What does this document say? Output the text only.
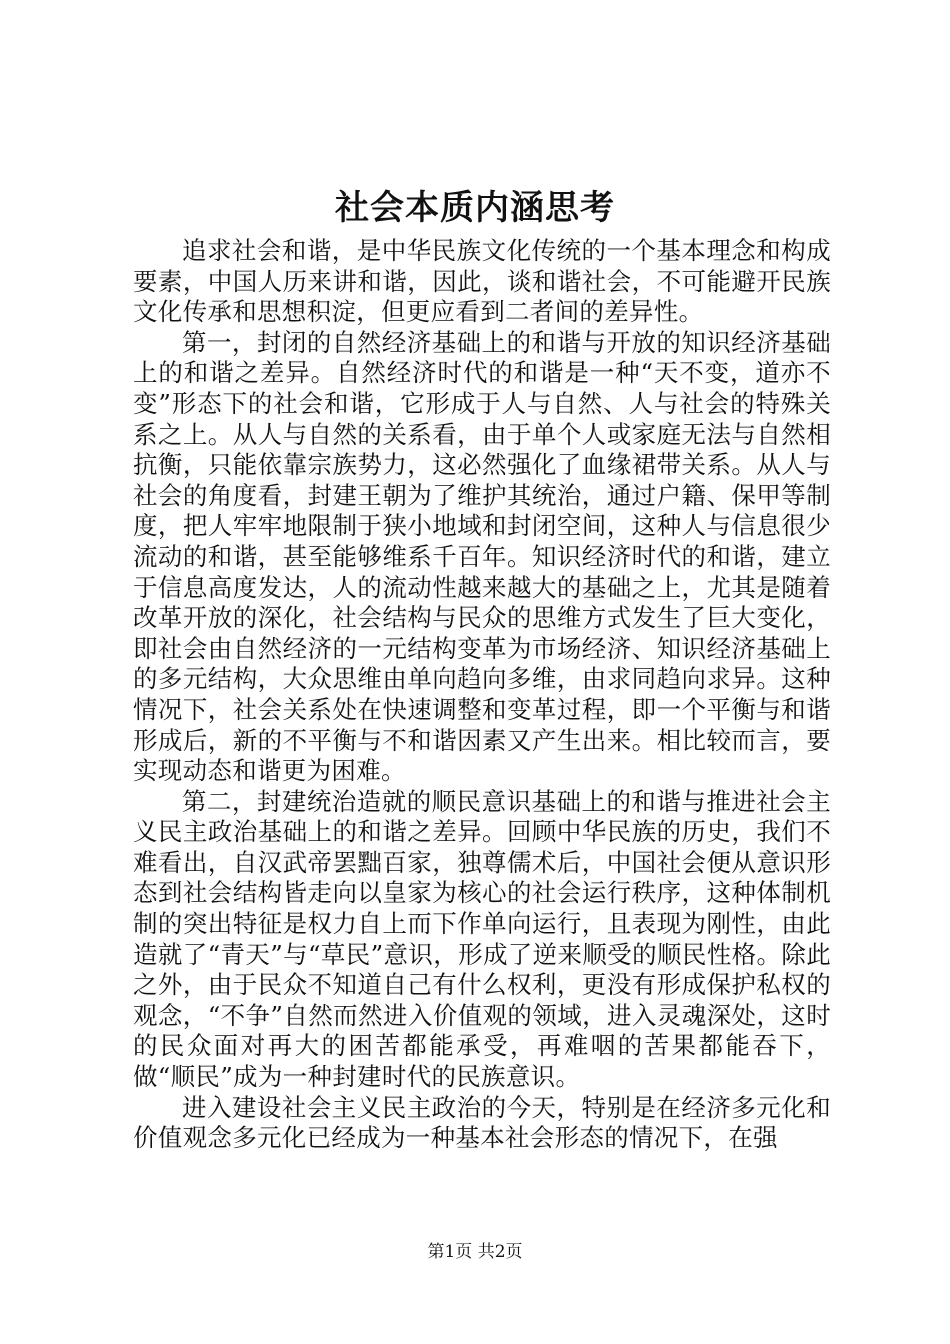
社会本质内涵思考

追求社会和谐，是中华民族文化传统的一个基本理念和构成要素，中国人历来讲和谐，因此，谈和谐社会，不可能避开民族文化传承和思想积淀，但更应看到二者间的差异性。

第一，封闭的自然经济基础上的和谐与开放的知识经济基础上的和谐之差异。自然经济时代的和谐是一种“天不变，道亦不变”形态下的社会和谐，它形成于人与自然、人与社会的特殊关系之上。从人与自然的关系看，由于单个人或家庭无法与自然相抗衡，只能依靠宗族势力，这必然强化了血缘裙带关系。从人与社会的角度看，封建王朝为了维护其统治，通过户籍、保甲等制度，把人牢牢地限制于狭小地域和封闭空间，这种人与信息很少流动的和谐，甚至能够维系千百年。知识经济时代的和谐，建立于信息高度发达，人的流动性越来越大的基础之上，尤其是随着改革开放的深化，社会结构与民众的思维方式发生了巨大变化，即社会由自然经济的一元结构变革为市场经济、知识经济基础上的多元结构，大众思维由单向趋向多维，由求同趋向求异。这种情况下，社会关系处在快速调整和变革过程，即一个平衡与和谐形成后，新的不平衡与不和谐因素又产生出来。相比较而言，要实现动态和谐更为困难。

第二，封建统治造就的顺民意识基础上的和谐与推进社会主义民主政治基础上的和谐之差异。回顾中华民族的历史，我们不难看出，自汉武帝罢黜百家，独尊儒术后，中国社会便从意识形态到社会结构皆走向以皇家为核心的社会运行秩序，这种体制机制的突出特征是权力自上而下作单向运行，且表现为刚性，由此造就了“青天”与“草民”意识，形成了逆来顺受的顺民性格。除此之外，由于民众不知道自己有什么权利，更没有形成保护私权的观念，“不争”自然而然进入价值观的领域，进入灵魂深处，这时的民众面对再大的困苦都能承受，再难咽的苦果都能吞下，做“顺民”成为一种封建时代的民族意识。

进入建设社会主义民主政治的今天，特别是在经济多元化和价值观念多元化已经成为一种基本社会形态的情况下，在强

第1页 共2页
